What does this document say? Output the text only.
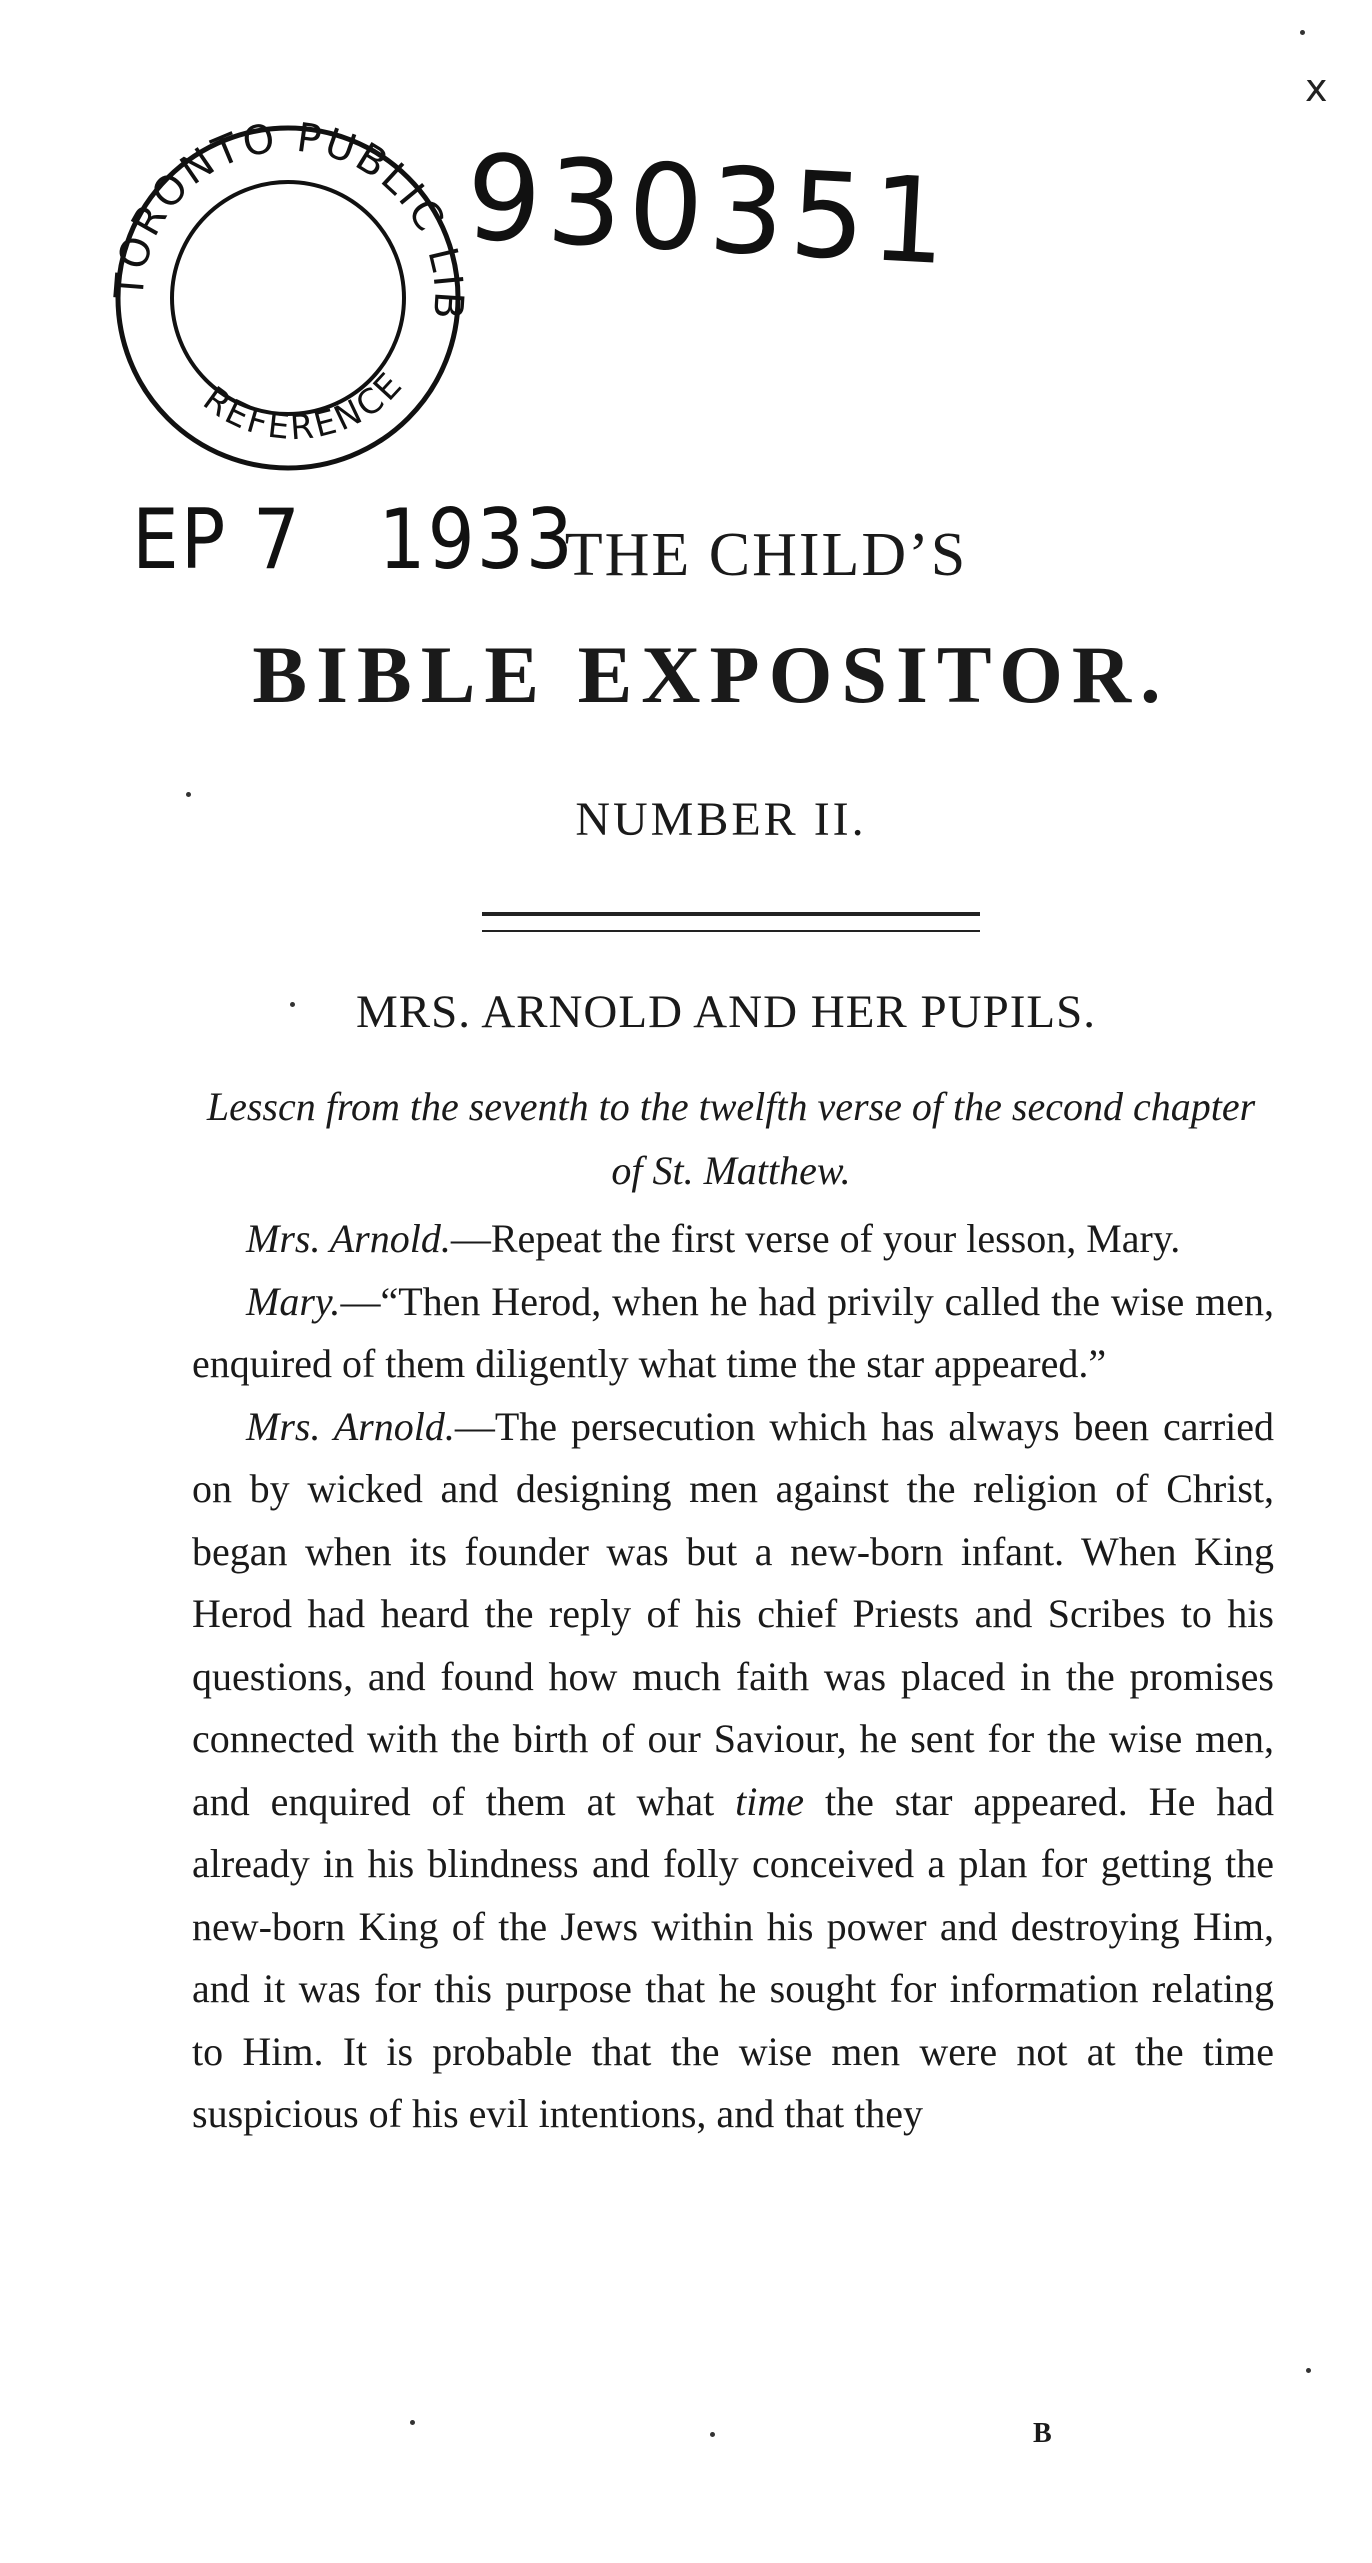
TORONTO PUBLIC LIB
REFERENCE
930351
EP 7   1933
x
THE CHILD’S
BIBLE EXPOSITOR.
NUMBER II.
MRS. ARNOLD AND HER PUPILS.
Lesscn from the seventh to the twelfth verse of the second chapter of St. Matthew.

Mrs. Arnold.—Repeat the first verse of your lesson, Mary.

Mary.—“Then Herod, when he had privily called the wise men, enquired of them diligently what time the star appeared.”

Mrs. Arnold.—The persecution which has always been carried on by wicked and designing men against the religion of Christ, began when its founder was but a new-born infant. When King Herod had heard the reply of his chief Priests and Scribes to his questions, and found how much faith was placed in the promises connected with the birth of our Saviour, he sent for the wise men, and enquired of them at what time the star appeared. He had already in his blindness and folly conceived a plan for getting the new-born King of the Jews within his power and destroying Him, and it was for this purpose that he sought for information relating to Him. It is probable that the wise men were not at the time suspicious of his evil intentions, and that they

B
